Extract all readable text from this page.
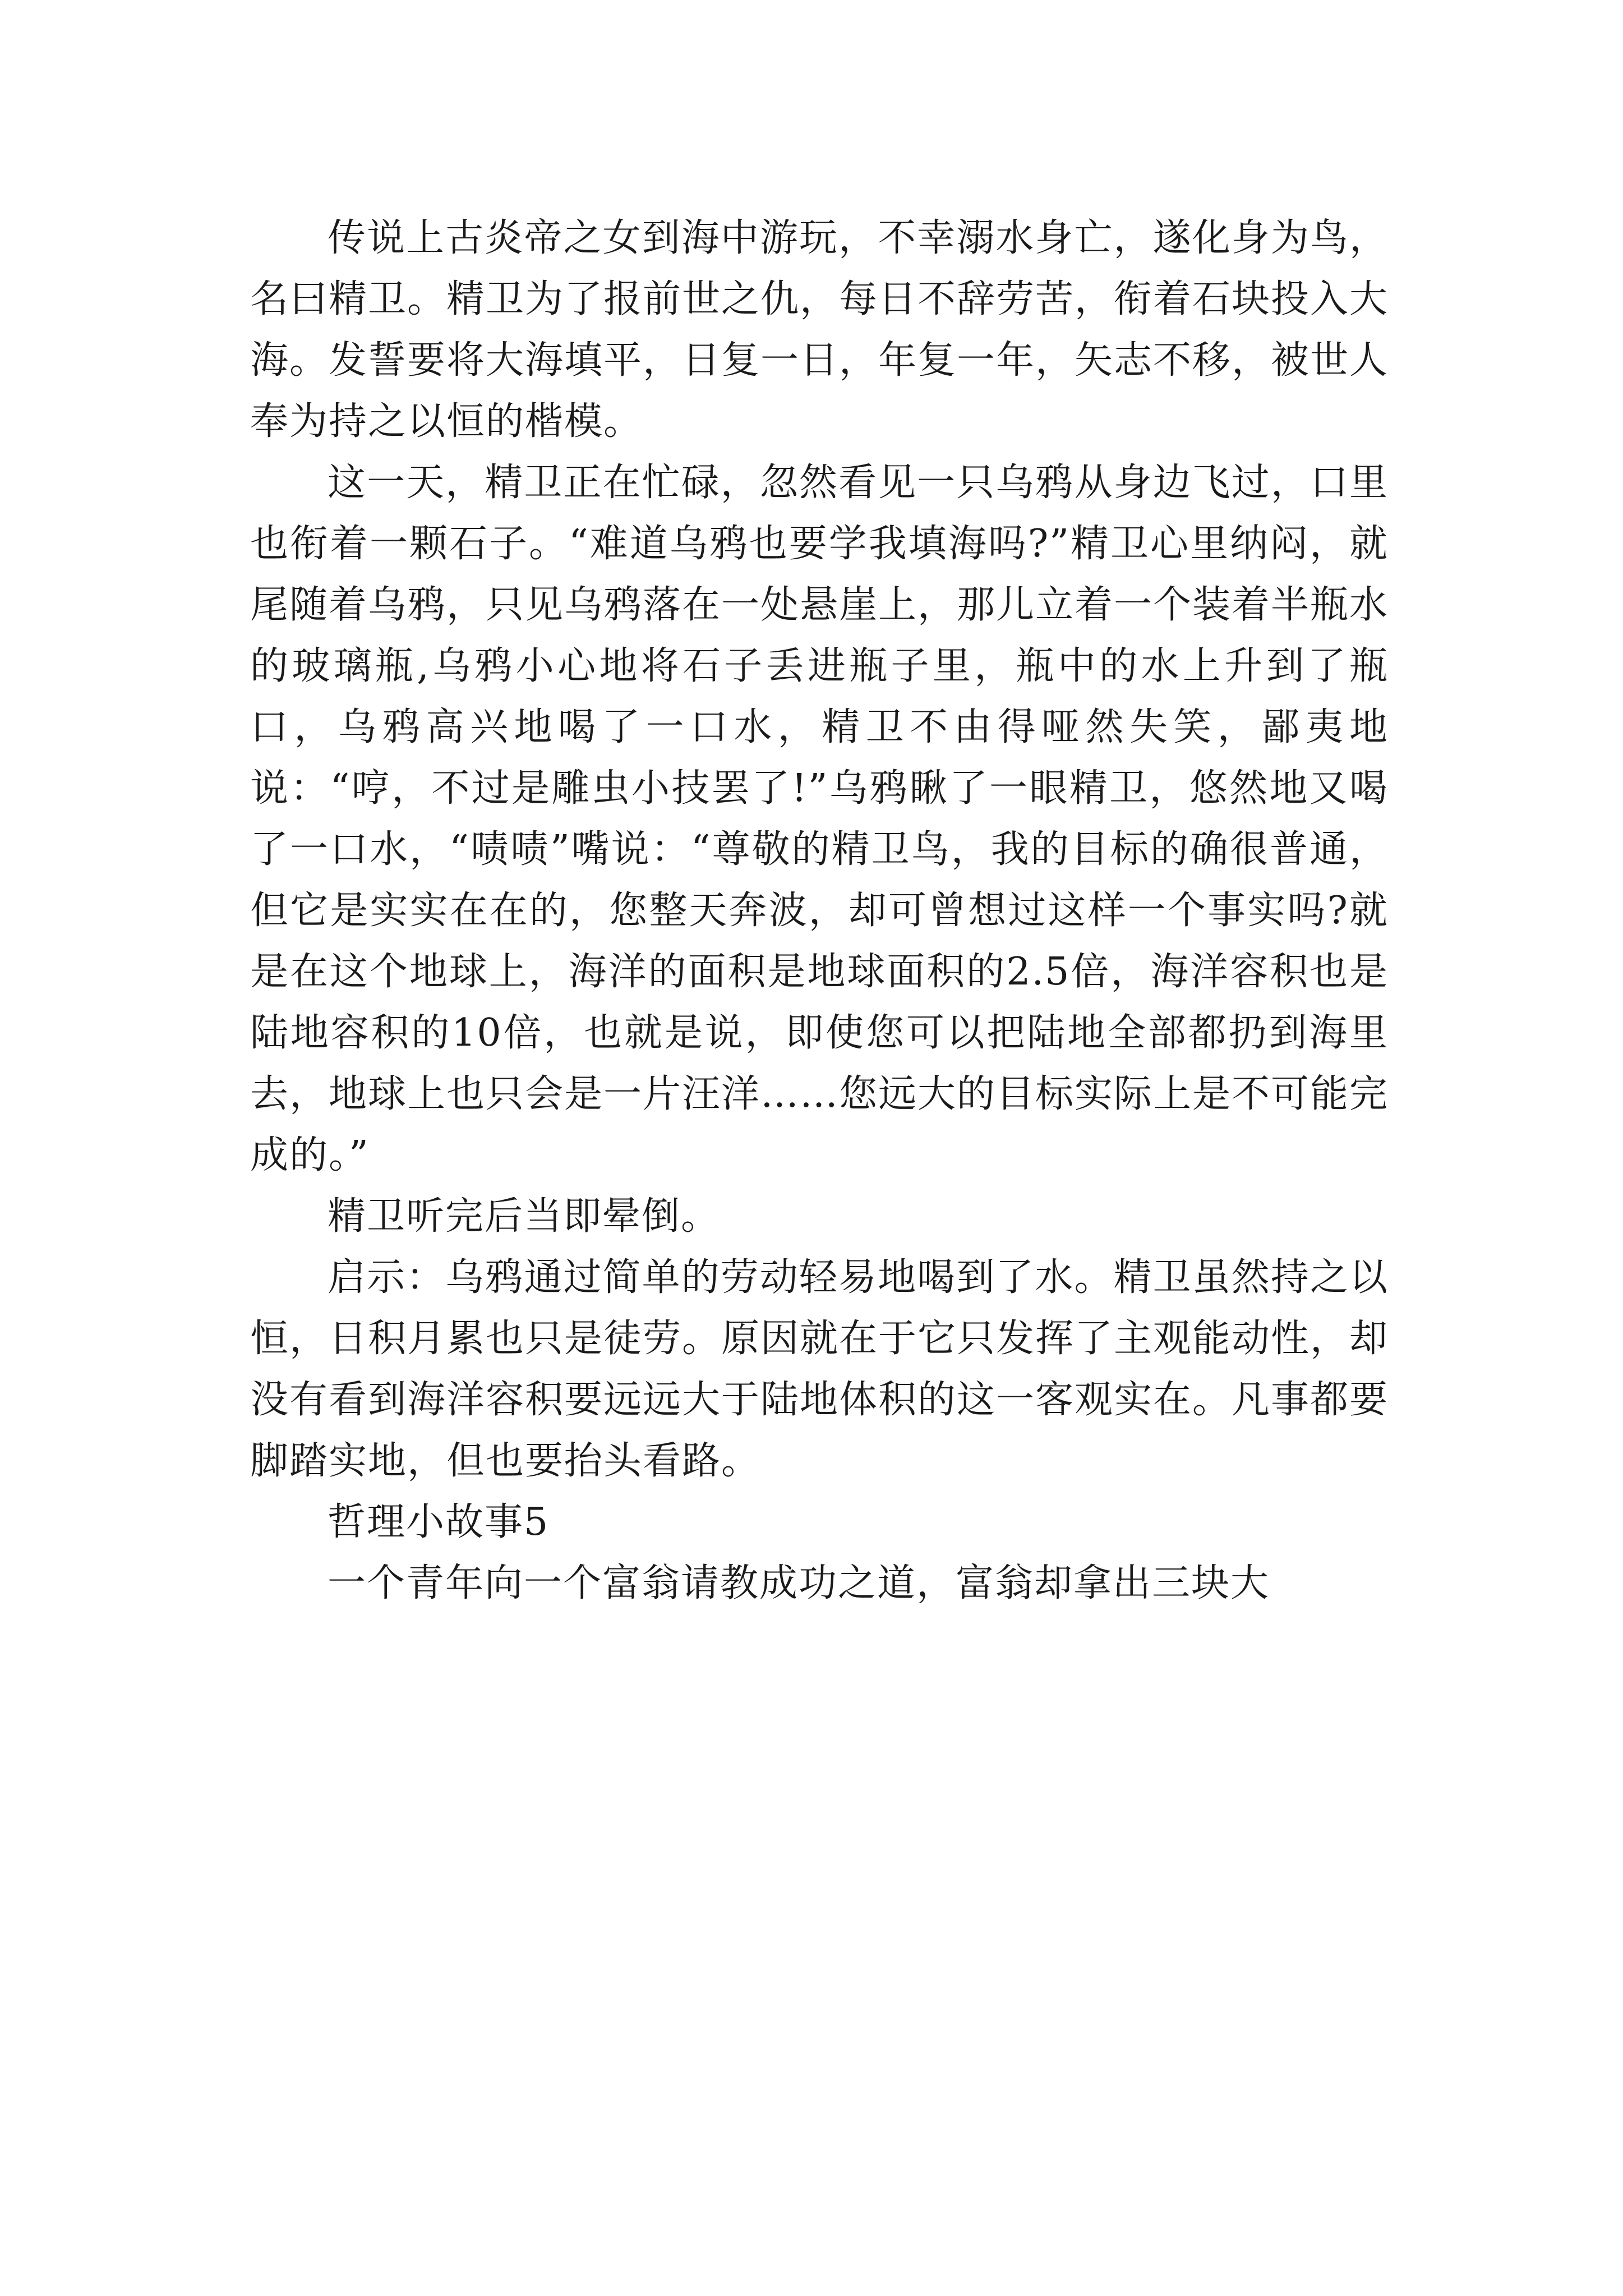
传说上古炎帝之女到海中游玩，不幸溺水身亡，遂化身为鸟，名曰精卫。精卫为了报前世之仇，每日不辞劳苦，衔着石块投入大海。发誓要将大海填平，日复一日，年复一年，矢志不移，被世人奉为持之以恒的楷模。

这一天，精卫正在忙碌，忽然看见一只乌鸦从身边飞过，口里也衔着一颗石子。“难道乌鸦也要学我填海吗?”精卫心里纳闷，就尾随着乌鸦，只见乌鸦落在一处悬崖上，那儿立着一个装着半瓶水的玻璃瓶,乌鸦小心地将石子丢进瓶子里，瓶中的水上升到了瓶口，乌鸦高兴地喝了一口水，精卫不由得哑然失笑，鄙夷地说：“哼，不过是雕虫小技罢了!”乌鸦瞅了一眼精卫，悠然地又喝了一口水，“啧啧”嘴说：“尊敬的精卫鸟，我的目标的确很普通，但它是实实在在的，您整天奔波，却可曾想过这样一个事实吗?就是在这个地球上，海洋的面积是地球面积的2.5倍，海洋容积也是陆地容积的10倍，也就是说，即使您可以把陆地全部都扔到海里去，地球上也只会是一片汪洋……您远大的目标实际上是不可能完成的。”

精卫听完后当即晕倒。

启示：乌鸦通过简单的劳动轻易地喝到了水。精卫虽然持之以恒，日积月累也只是徒劳。原因就在于它只发挥了主观能动性，却没有看到海洋容积要远远大于陆地体积的这一客观实在。凡事都要脚踏实地，但也要抬头看路。

哲理小故事5

一个青年向一个富翁请教成功之道，富翁却拿出三块大
